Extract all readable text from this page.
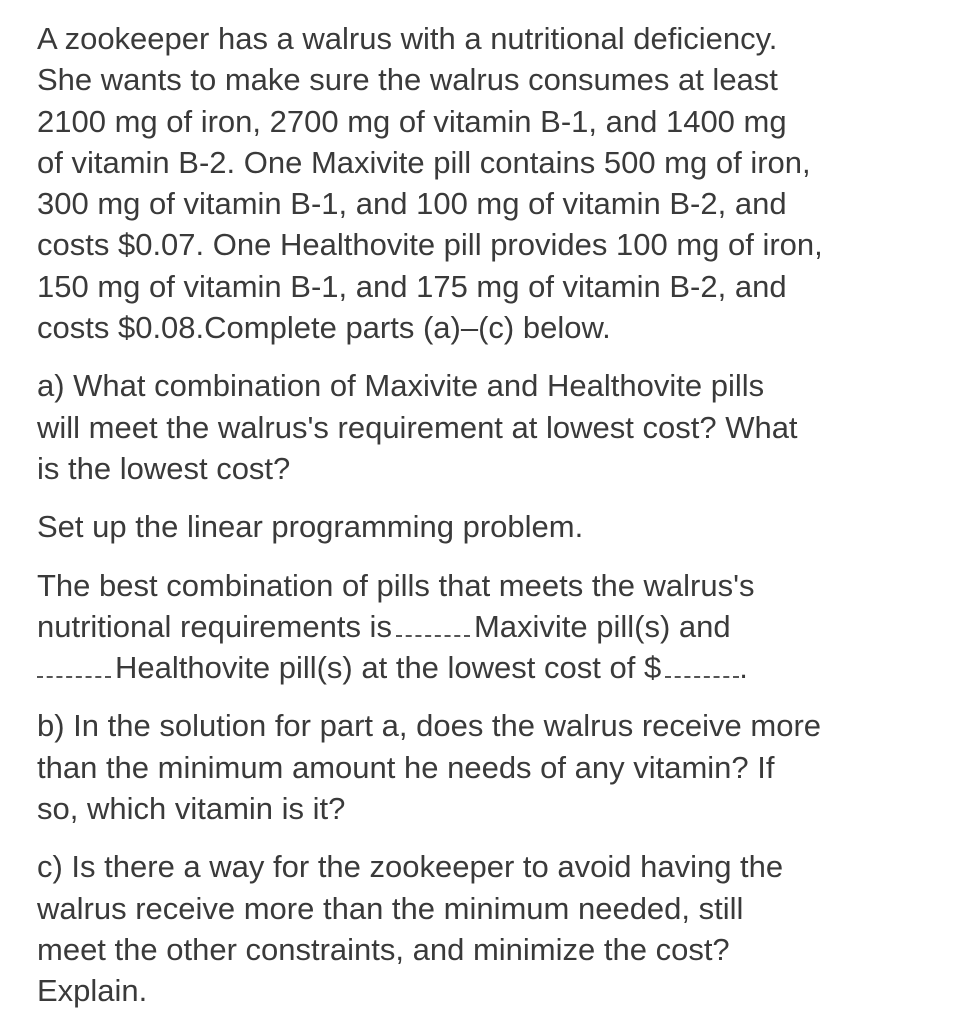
A zookeeper has a walrus with a nutritional deficiency.
She wants to make sure the walrus consumes at least
2100 mg of iron, 2700 mg of vitamin B-1, and 1400 mg
of vitamin B-2. One Maxivite pill contains 500 mg of iron,
300 mg of vitamin B-1, and 100 mg of vitamin B-2, and
costs $0.07. One Healthovite pill provides 100 mg of iron,
150 mg of vitamin B-1, and 175 mg of vitamin B-2, and
costs $0.08.Complete parts (a)–(c) below.
a) What combination of Maxivite and Healthovite pills
will meet the walrus's requirement at lowest cost? What
is the lowest cost?
Set up the linear programming problem.
The best combination of pills that meets the walrus's
nutritional requirements is	Maxivite pill(s) and
Healthovite pill(s) at the lowest cost of $	.
b) In the solution for part a, does the walrus receive more
than the minimum amount he needs of any vitamin? If
so, which vitamin is it?
c) Is there a way for the zookeeper to avoid having the
walrus receive more than the minimum needed, still
meet the other constraints, and minimize the cost?
Explain.
